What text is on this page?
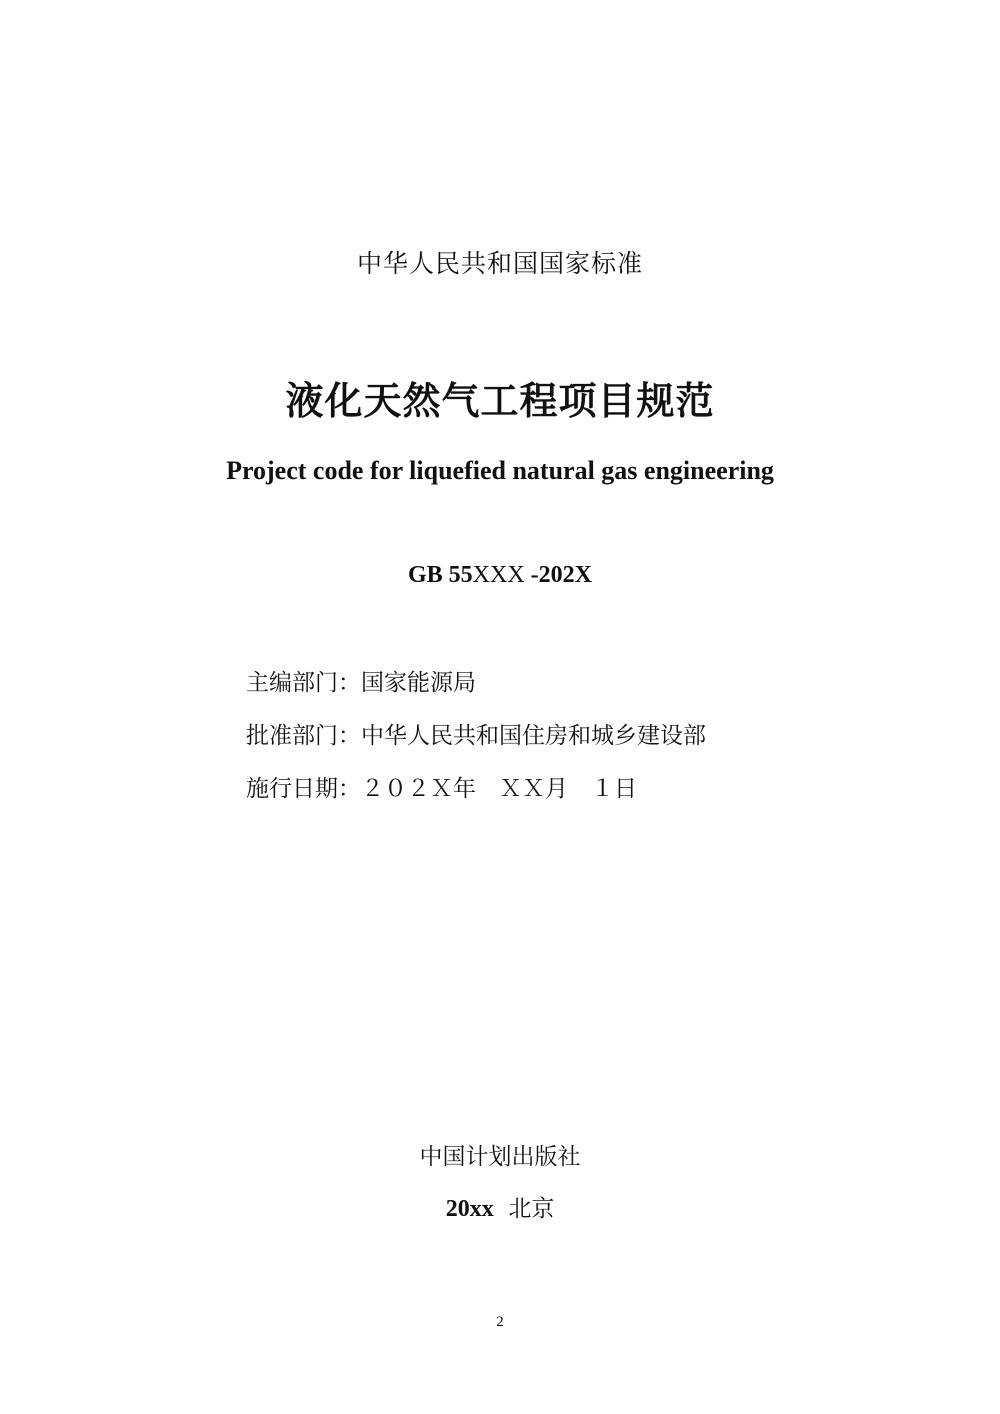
中华人民共和国国家标准
液化天然气工程项目规范
Project code for liquefied natural gas engineering
GB 55XXX -202X
主编部门：国家能源局
批准部门：中华人民共和国住房和城乡建设部
施行日期：２０２Ｘ年　ＸＸ月　１日
中国计划出版社
20xx 北京
2
